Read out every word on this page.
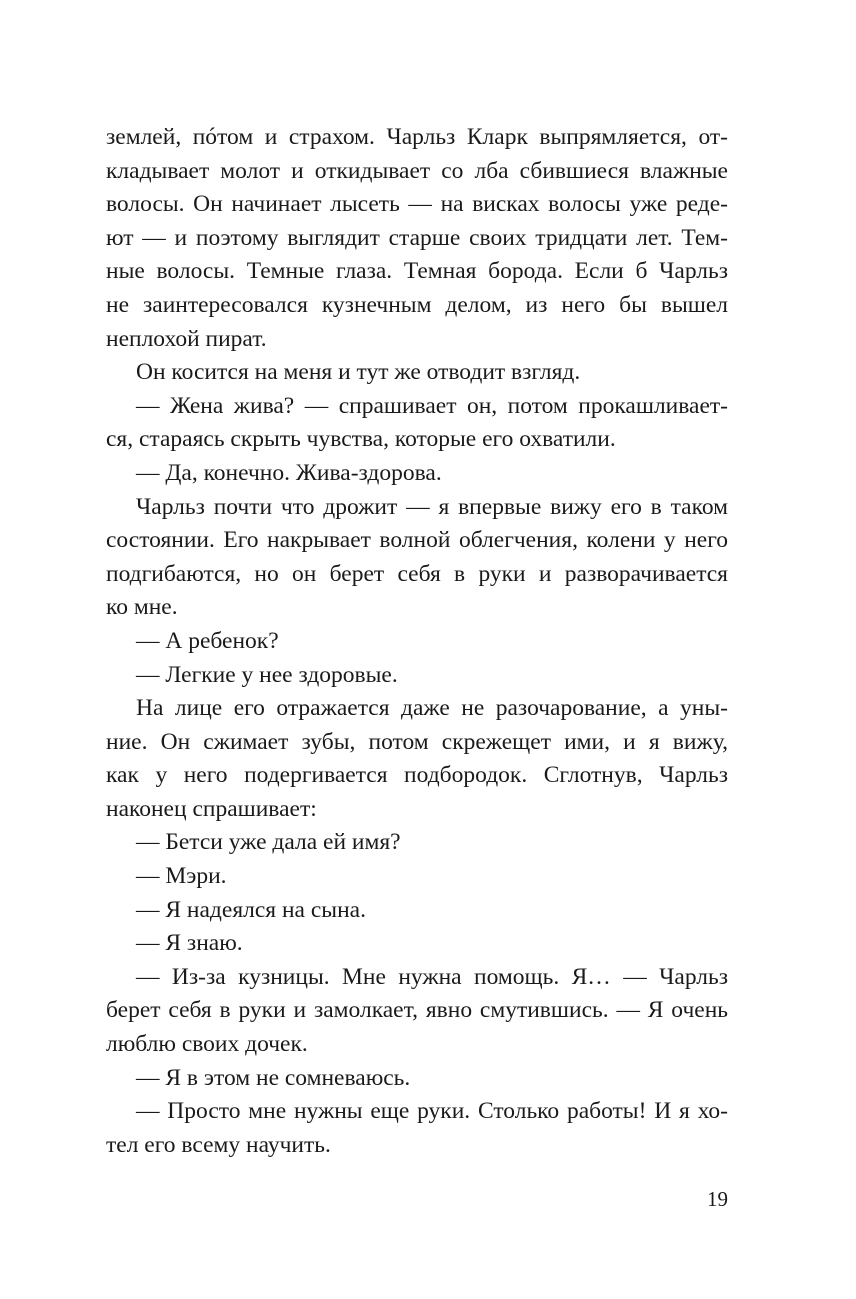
землей, пóтом и страхом. Чарльз Кларк выпрямляется, от-
кладывает молот и откидывает со лба сбившиеся влажные
волосы. Он начинает лысеть — на висках волосы уже реде-
ют — и поэтому выглядит старше своих тридцати лет. Тем-
ные волосы. Темные глаза. Темная борода. Если б Чарльз
не заинтересовался кузнечным делом, из него бы вышел
неплохой пират.
Он косится на меня и тут же отводит взгляд.
— Жена жива? — спрашивает он, потом прокашливает-
ся, стараясь скрыть чувства, которые его охватили.
— Да, конечно. Жива-здорова.
Чарльз почти что дрожит — я впервые вижу его в таком
состоянии. Его накрывает волной облегчения, колени у него
подгибаются, но он берет себя в руки и разворачивается
ко мне.
— А ребенок?
— Легкие у нее здоровые.
На лице его отражается даже не разочарование, а уны-
ние. Он сжимает зубы, потом скрежещет ими, и я вижу,
как у него подергивается подбородок. Сглотнув, Чарльз
наконец спрашивает:
— Бетси уже дала ей имя?
— Мэри.
— Я надеялся на сына.
— Я знаю.
— Из-за кузницы. Мне нужна помощь. Я… — Чарльз
берет себя в руки и замолкает, явно смутившись. — Я очень
люблю своих дочек.
— Я в этом не сомневаюсь.
— Просто мне нужны еще руки. Столько работы! И я хо-
тел его всему научить.
19
